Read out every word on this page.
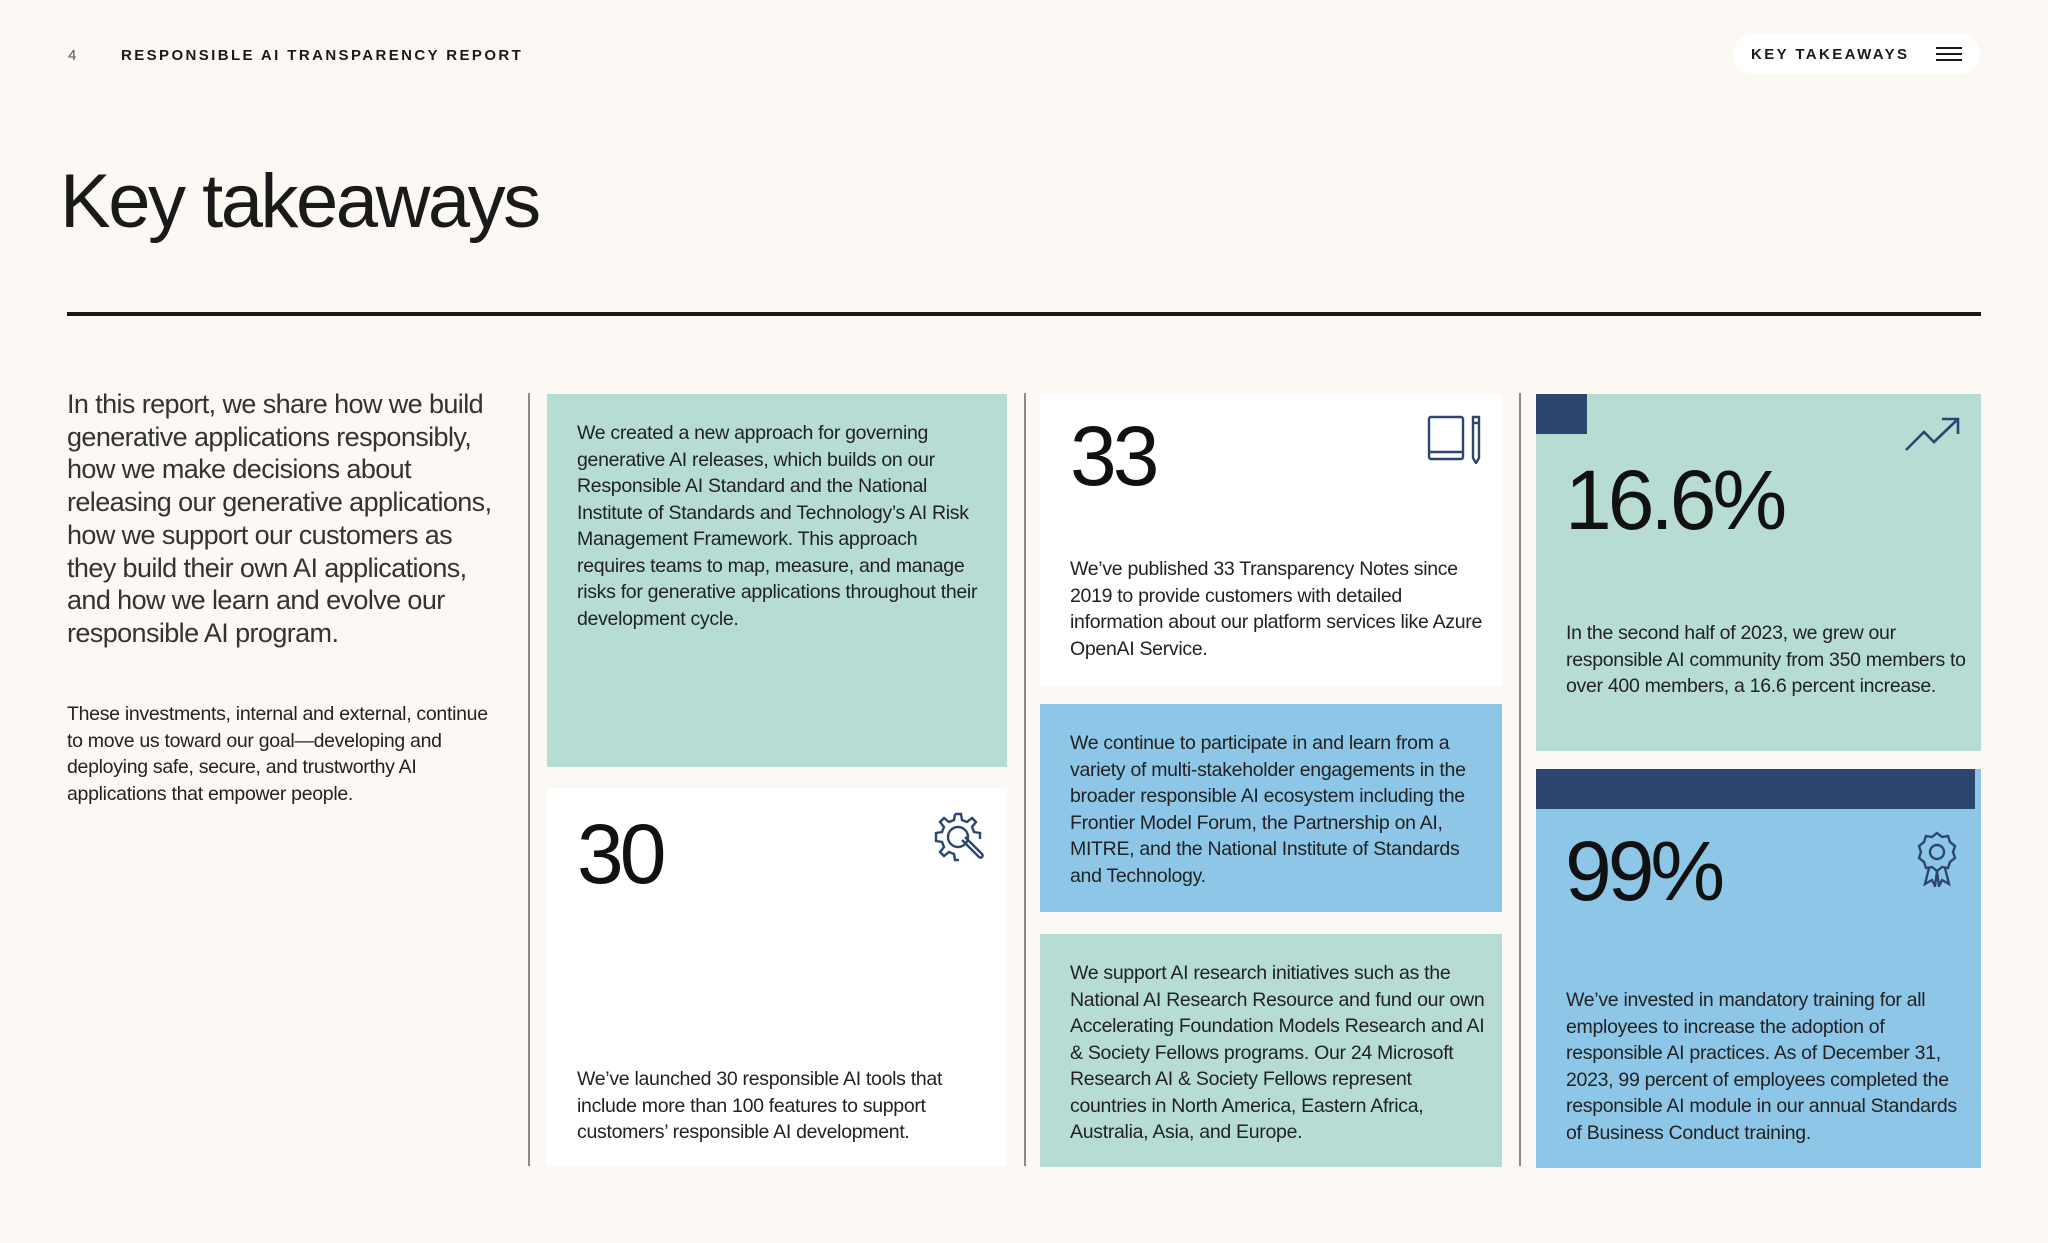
4	RESPONSIBLE AI TRANSPARENCY REPORT	KEY TAKEAWAYS
Key takeaways

In this report, we share how we build generative applications responsibly, how we make decisions about releasing our generative applications, how we support our customers as they build their own AI applications, and how we learn and evolve our responsible AI program.

These investments, internal and external, continue to move us toward our goal—developing and deploying safe, secure, and trustworthy AI applications that empower people.

We created a new approach for governing generative AI releases, which builds on our Responsible AI Standard and the National Institute of Standards and Technology’s AI Risk Management Framework. This approach requires teams to map, measure, and manage risks for generative applications throughout their development cycle.

30

We’ve launched 30 responsible AI tools that include more than 100 features to support customers’ responsible AI development.

33

We’ve published 33 Transparency Notes since 2019 to provide customers with detailed information about our platform services like Azure OpenAI Service.

We continue to participate in and learn from a variety of multi-stakeholder engagements in the broader responsible AI ecosystem including the Frontier Model Forum, the Partnership on AI, MITRE, and the National Institute of Standards and Technology.

We support AI research initiatives such as the National AI Research Resource and fund our own Accelerating Foundation Models Research and AI & Society Fellows programs. Our 24 Microsoft Research AI & Society Fellows represent countries in North America, Eastern Africa, Australia, Asia, and Europe.

16.6%

In the second half of 2023, we grew our responsible AI community from 350 members to over 400 members, a 16.6 percent increase.

99%

We’ve invested in mandatory training for all employees to increase the adoption of responsible AI practices. As of December 31, 2023, 99 percent of employees completed the responsible AI module in our annual Standards of Business Conduct training.
